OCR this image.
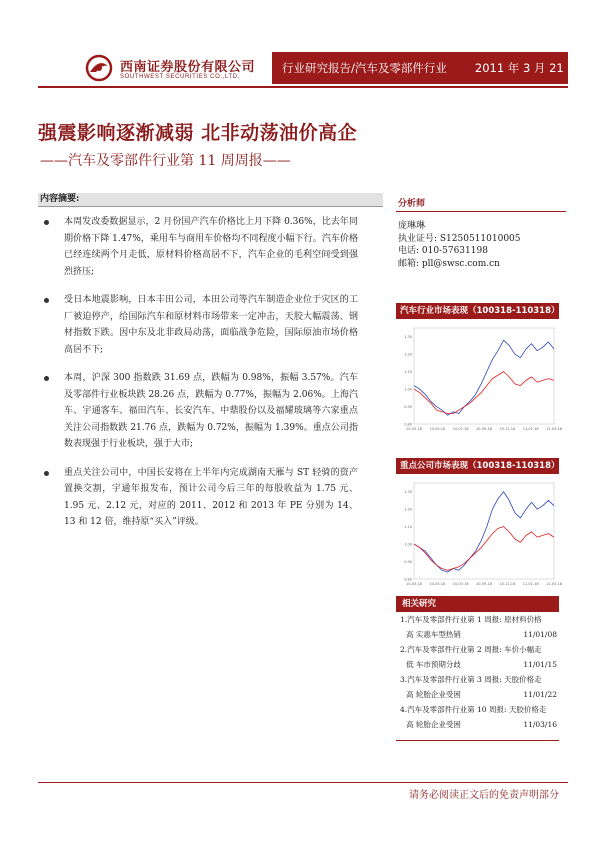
西南证券股份有限公司
SOUTHWEST SECURITIES CO.,LTD.
行业研究报告/汽车及零部件行业 2011 年 3 月 21 日
强震影响逐渐减弱 北非动荡油价高企
——汽车及零部件行业第 11 周周报——
内容摘要:
本周发改委数据显示，2 月份国产汽车价格比上月下降 0.36%，比去年同期价格下降 1.47%，乘用车与商用车价格均不同程度小幅下行。汽车价格已经连续两个月走低，原材料价格高居不下，汽车企业的毛利空间受到强烈挤压;
受日本地震影响，日本丰田公司，本田公司等汽车制造企业位于灾区的工厂被迫停产，给国际汽车和原材料市场带来一定冲击，天胶大幅震荡、钢材指数下跌。因中东及北非政局动荡，面临战争危险，国际原油市场价格高居不下;
本周，沪深 300 指数跌 31.69 点，跌幅为 0.98%，振幅 3.57%。汽车及零部件行业板块跌 28.26 点，跌幅为 0.77%，振幅为 2.06%。上海汽车、宇通客车、福田汽车、长安汽车、中鼎股份以及福耀玻璃等六家重点关注公司指数跌 21.76 点，跌幅为 0.72%，振幅为 1.39%。重点公司指数表现强于行业板块，强于大市;
重点关注公司中，中国长安将在上半年内完成湖南天雁与 ST 轻骑的资产置换交割，宇通年报发布，预计公司今后三年的每股收益为 1.75 元、1.95 元、2.12 元，对应的 2011、2012 和 2013 年 PE 分别为 14、13 和 12 倍，维持原“买入”评级。
分析师
庞琳琳
执业证号: S1250511010005
电话: 010-57631198
邮箱: pll@swsc.com.cn
汽车行业市场表现（100318-110318）
1.30
1.20
1.10
1.00
0.90
0.80
10-03-18 10-05-18 10-07-18 10-09-18 10-11-18 11-01-18 11-03-18
重点公司市场表现（100318-110318）
1.30
1.20
1.10
1.00
0.90
0.80
10-03-18 10-05-18 10-07-18 10-09-18 10-11-18 11-01-18 11-03-18
相关研究
1.汽车及零部件行业第 1 周报: 原材料价格
高 实惠车型热销	11/01/08
2.汽车及零部件行业第 2 周报: 车价小幅走
低 车市预期分歧	11/01/15
3.汽车及零部件行业第 3 周报: 天胶价格走
高 轮胎企业受困	11/01/22
4.汽车及零部件行业第 10 周报: 天胶价格走
高 轮胎企业受困	11/03/16
请务必阅读正文后的免责声明部分
